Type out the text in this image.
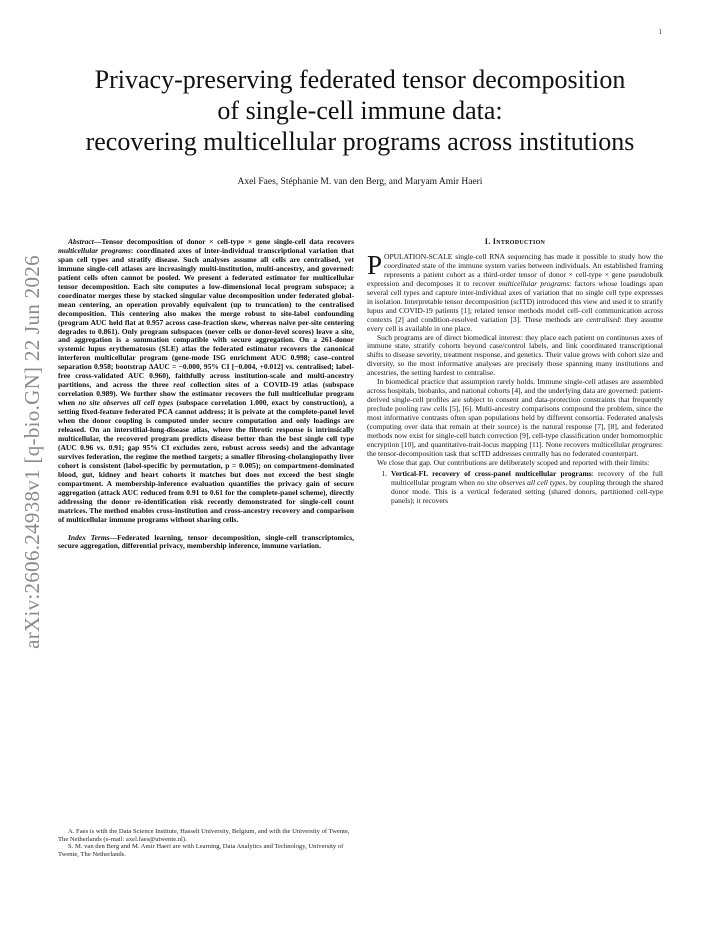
1
arXiv:2606.24938v1 [q-bio.GN] 22 Jun 2026
Privacy-preserving federated tensor decomposition
of single-cell immune data:
recovering multicellular programs across institutions
Axel Faes, Stéphanie M. van den Berg, and Maryam Amir Haeri

Abstract—Tensor decomposition of donor × cell-type × gene single-cell data recovers multicellular programs: coordinated axes of inter-individual transcriptional variation that span cell types and stratify disease. Such analyses assume all cells are centralised, yet immune single-cell atlases are increasingly multi-institution, multi-ancestry, and governed: patient cells often cannot be pooled. We present a federated estimator for multicellular tensor decomposition. Each site computes a low-dimensional local program subspace; a coordinator merges these by stacked singular value decomposition under federated global-mean centering, an operation provably equivalent (up to truncation) to the centralised decomposition. This centering also makes the merge robust to site-label confounding (program AUC held flat at 0.957 across case-fraction skew, whereas naive per-site centering degrades to 0.861). Only program subspaces (never cells or donor-level scores) leave a site, and aggregation is a summation compatible with secure aggregation. On a 261-donor systemic lupus erythematosus (SLE) atlas the federated estimator recovers the canonical interferon multicellular program (gene-mode ISG enrichment AUC 0.998; case–control separation 0.958; bootstrap ΔAUC = −0.000, 95% CI [−0.004, +0.012] vs. centralised; label-free cross-validated AUC 0.960), faithfully across institution-scale and multi-ancestry partitions, and across the three real collection sites of a COVID-19 atlas (subspace correlation 0.989). We further show the estimator recovers the full multicellular program when no site observes all cell types (subspace correlation 1.000, exact by construction), a setting fixed-feature federated PCA cannot address; it is private at the complete-panel level when the donor coupling is computed under secure computation and only loadings are released. On an interstitial-lung-disease atlas, where the fibrotic response is intrinsically multicellular, the recovered program predicts disease better than the best single cell type (AUC 0.96 vs. 0.91; gap 95% CI excludes zero, robust across seeds) and the advantage survives federation, the regime the method targets; a smaller fibrosing-cholangiopathy liver cohort is consistent (label-specific by permutation, p = 0.005); on compartment-dominated blood, gut, kidney and heart cohorts it matches but does not exceed the best single compartment. A membership-inference evaluation quantifies the privacy gain of secure aggregation (attack AUC reduced from 0.91 to 0.61 for the complete-panel scheme), directly addressing the donor re-identification risk recently demonstrated for single-cell count matrices. The method enables cross-institution and cross-ancestry recovery and comparison of multicellular immune programs without sharing cells.

Index Terms—Federated learning, tensor decomposition, single-cell transcriptomics, secure aggregation, differential privacy, membership inference, immune variation.

A. Faes is with the Data Science Institute, Hasselt University, Belgium, and with the University of Twente, The Netherlands (e-mail: axel.faes@utwente.nl).

S. M. van den Berg and M. Amir Haeri are with Learning, Data Analytics and Technology, University of Twente, The Netherlands.

I. Introduction

POPULATION-SCALE single-cell RNA sequencing has made it possible to study how the coordinated state of the immune system varies between individuals. An established framing represents a patient cohort as a third-order tensor of donor × cell-type × gene pseudobulk expression and decomposes it to recover multicellular programs: factors whose loadings span several cell types and capture inter-individual axes of variation that no single cell type expresses in isolation. Interpretable tensor decomposition (scITD) introduced this view and used it to stratify lupus and COVID-19 patients [1]; related tensor methods model cell–cell communication across contexts [2] and condition-resolved variation [3]. These methods are centralised: they assume every cell is available in one place.

Such programs are of direct biomedical interest: they place each patient on continuous axes of immune state, stratify cohorts beyond case/control labels, and link coordinated transcriptional shifts to disease severity, treatment response, and genetics. Their value grows with cohort size and diversity, so the most informative analyses are precisely those spanning many institutions and ancestries, the setting hardest to centralise.

In biomedical practice that assumption rarely holds. Immune single-cell atlases are assembled across hospitals, biobanks, and national cohorts [4], and the underlying data are governed: patient-derived single-cell profiles are subject to consent and data-protection constraints that frequently preclude pooling raw cells [5], [6]. Multi-ancestry comparisons compound the problem, since the most informative contrasts often span populations held by different consortia. Federated analysis (computing over data that remain at their source) is the natural response [7], [8], and federated methods now exist for single-cell batch correction [9], cell-type classification under homomorphic encryption [10], and quantitative-trait-locus mapping [11]. None recovers multicellular programs: the tensor-decomposition task that scITD addresses centrally has no federated counterpart.

We close that gap. Our contributions are deliberately scoped and reported with their limits:

1. Vertical-FL recovery of cross-panel multicellular programs: recovery of the full multicellular program when no site observes all cell types, by coupling through the shared donor mode. This is a vertical federated setting (shared donors, partitioned cell-type panels); it recovers
